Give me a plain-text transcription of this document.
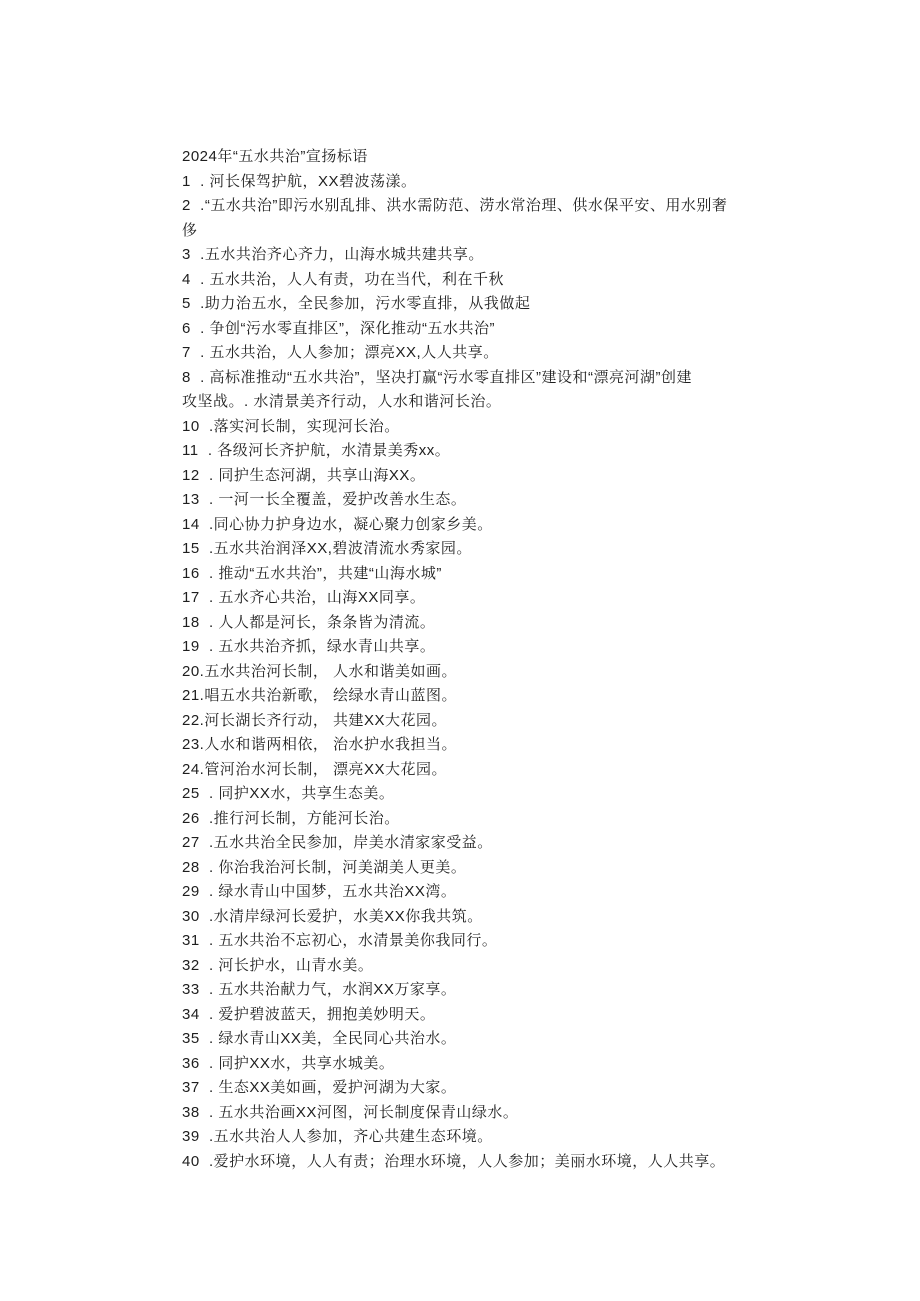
2024年“五水共治”宣扬标语
1  . 河长保驾护航，XX碧波荡漾。
2  .“五水共治”即污水别乱排、洪水需防范、涝水常治理、供水保平安、用水别奢
侈
3  .五水共治齐心齐力，山海水城共建共享。
4  . 五水共治，人人有责，功在当代，利在千秋
5  .助力治五水，全民参加，污水零直排，从我做起
6  . 争创“污水零直排区”，深化推动“五水共治”
7  . 五水共治，人人参加；漂亮XX,人人共享。
8  . 高标准推动“五水共治”，坚决打赢“污水零直排区”建设和“漂亮河湖”创建
攻坚战。. 水清景美齐行动，人水和谐河长治。
10  .落实河长制，实现河长治。
11  . 各级河长齐护航，水清景美秀xx。
12  . 同护生态河湖，共享山海XX。
13  . 一河一长全覆盖，爱护改善水生态。
14  .同心协力护身边水，凝心聚力创家乡美。
15  .五水共治润泽XX,碧波清流水秀家园。
16  . 推动“五水共治”，共建“山海水城”
17  . 五水齐心共治，山海XX同享。
18  . 人人都是河长，条条皆为清流。
19  . 五水共治齐抓，绿水青山共享。
20.五水共治河长制， 人水和谐美如画。
21.唱五水共治新歌， 绘绿水青山蓝图。
22.河长湖长齐行动， 共建XX大花园。
23.人水和谐两相依， 治水护水我担当。
24.管河治水河长制， 漂亮XX大花园。
25  . 同护XX水，共享生态美。
26  .推行河长制，方能河长治。
27  .五水共治全民参加，岸美水清家家受益。
28  . 你治我治河长制，河美湖美人更美。
29  . 绿水青山中国梦，五水共治XX湾。
30  .水清岸绿河长爱护，水美XX你我共筑。
31  . 五水共治不忘初心，水清景美你我同行。
32  . 河长护水，山青水美。
33  . 五水共治献力气，水润XX万家享。
34  . 爱护碧波蓝天，拥抱美妙明天。
35  . 绿水青山XX美，全民同心共治水。
36  . 同护XX水，共享水城美。
37  . 生态XX美如画，爱护河湖为大家。
38  . 五水共治画XX河图，河长制度保青山绿水。
39  .五水共治人人参加，齐心共建生态环境。
40  .爱护水环境，人人有责；治理水环境，人人参加；美丽水环境，人人共享。
